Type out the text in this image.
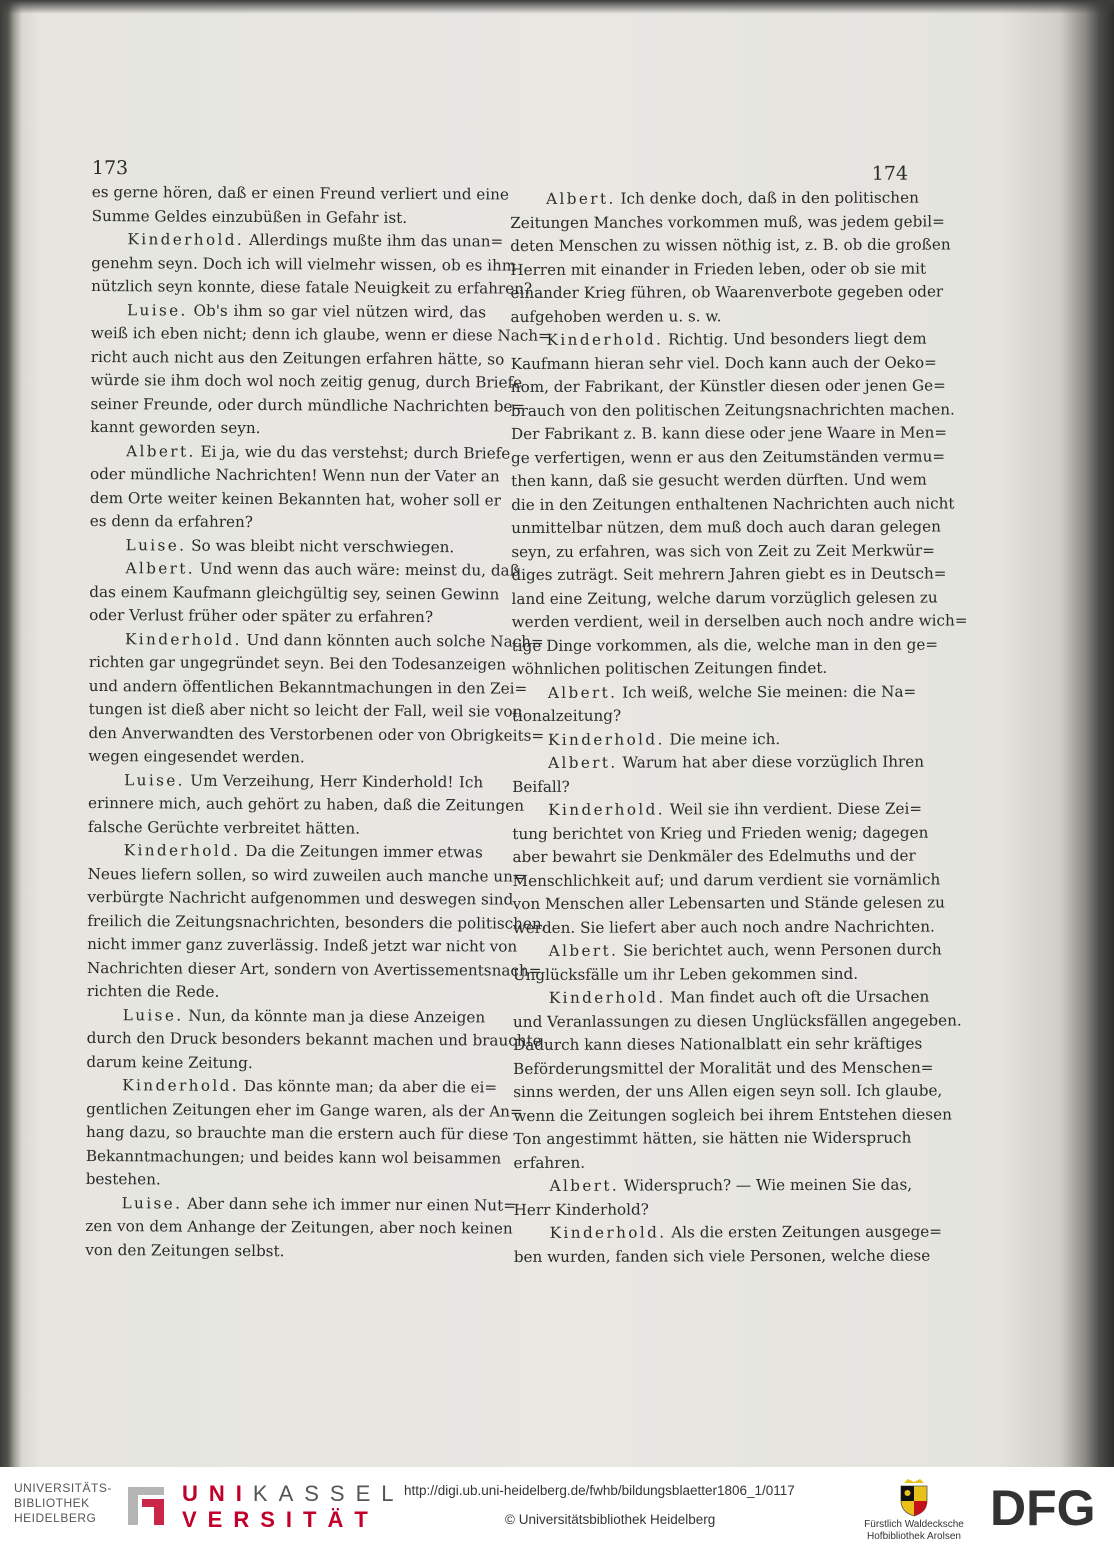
173
es gerne hören, daß er einen Freund verliert und eine
Summe Geldes einzubüßen in Gefahr ist.
Kinderhold. Allerdings mußte ihm das unan=
genehm seyn. Doch ich will vielmehr wissen, ob es ihm
nützlich seyn konnte, diese fatale Neuigkeit zu erfahren?
Luise. Ob's ihm so gar viel nützen wird, das
weiß ich eben nicht; denn ich glaube, wenn er diese Nach=
richt auch nicht aus den Zeitungen erfahren hätte, so
würde sie ihm doch wol noch zeitig genug, durch Briefe
seiner Freunde, oder durch mündliche Nachrichten be=
kannt geworden seyn.
Albert. Ei ja, wie du das verstehst; durch Briefe
oder mündliche Nachrichten! Wenn nun der Vater an
dem Orte weiter keinen Bekannten hat, woher soll er
es denn da erfahren?
Luise. So was bleibt nicht verschwiegen.
Albert. Und wenn das auch wäre: meinst du, daß
das einem Kaufmann gleichgültig sey, seinen Gewinn
oder Verlust früher oder später zu erfahren?
Kinderhold. Und dann könnten auch solche Nach=
richten gar ungegründet seyn. Bei den Todesanzeigen
und andern öffentlichen Bekanntmachungen in den Zei=
tungen ist dieß aber nicht so leicht der Fall, weil sie von
den Anverwandten des Verstorbenen oder von Obrigkeits=
wegen eingesendet werden.
Luise. Um Verzeihung, Herr Kinderhold! Ich
erinnere mich, auch gehört zu haben, daß die Zeitungen
falsche Gerüchte verbreitet hätten.
Kinderhold. Da die Zeitungen immer etwas
Neues liefern sollen, so wird zuweilen auch manche un=
verbürgte Nachricht aufgenommen und deswegen sind
freilich die Zeitungsnachrichten, besonders die politischen,
nicht immer ganz zuverlässig. Indeß jetzt war nicht von
Nachrichten dieser Art, sondern von Avertissementsnach=
richten die Rede.
Luise. Nun, da könnte man ja diese Anzeigen
durch den Druck besonders bekannt machen und brauchte
darum keine Zeitung.
Kinderhold. Das könnte man; da aber die ei=
gentlichen Zeitungen eher im Gange waren, als der An=
hang dazu, so brauchte man die erstern auch für diese
Bekanntmachungen; und beides kann wol beisammen
bestehen.
Luise. Aber dann sehe ich immer nur einen Nut=
zen von dem Anhange der Zeitungen, aber noch keinen
von den Zeitungen selbst.
174
Albert. Ich denke doch, daß in den politischen
Zeitungen Manches vorkommen muß, was jedem gebil=
deten Menschen zu wissen nöthig ist, z. B. ob die großen
Herren mit einander in Frieden leben, oder ob sie mit
einander Krieg führen, ob Waarenverbote gegeben oder
aufgehoben werden u. s. w.
Kinderhold. Richtig. Und besonders liegt dem
Kaufmann hieran sehr viel. Doch kann auch der Oeko=
nom, der Fabrikant, der Künstler diesen oder jenen Ge=
brauch von den politischen Zeitungsnachrichten machen.
Der Fabrikant z. B. kann diese oder jene Waare in Men=
ge verfertigen, wenn er aus den Zeitumständen vermu=
then kann, daß sie gesucht werden dürften. Und wem
die in den Zeitungen enthaltenen Nachrichten auch nicht
unmittelbar nützen, dem muß doch auch daran gelegen
seyn, zu erfahren, was sich von Zeit zu Zeit Merkwür=
diges zuträgt. Seit mehrern Jahren giebt es in Deutsch=
land eine Zeitung, welche darum vorzüglich gelesen zu
werden verdient, weil in derselben auch noch andre wich=
tige Dinge vorkommen, als die, welche man in den ge=
wöhnlichen politischen Zeitungen findet.
Albert. Ich weiß, welche Sie meinen: die Na=
tionalzeitung?
Kinderhold. Die meine ich.
Albert. Warum hat aber diese vorzüglich Ihren
Beifall?
Kinderhold. Weil sie ihn verdient. Diese Zei=
tung berichtet von Krieg und Frieden wenig; dagegen
aber bewahrt sie Denkmäler des Edelmuths und der
Menschlichkeit auf; und darum verdient sie vornämlich
von Menschen aller Lebensarten und Stände gelesen zu
werden. Sie liefert aber auch noch andre Nachrichten.
Albert. Sie berichtet auch, wenn Personen durch
Unglücksfälle um ihr Leben gekommen sind.
Kinderhold. Man findet auch oft die Ursachen
und Veranlassungen zu diesen Unglücksfällen angegeben.
Dadurch kann dieses Nationalblatt ein sehr kräftiges
Beförderungsmittel der Moralität und des Menschen=
sinns werden, der uns Allen eigen seyn soll. Ich glaube,
wenn die Zeitungen sogleich bei ihrem Entstehen diesen
Ton angestimmt hätten, sie hätten nie Widerspruch
erfahren.
Albert. Widerspruch? — Wie meinen Sie das,
Herr Kinderhold?
Kinderhold. Als die ersten Zeitungen ausgege=
ben wurden, fanden sich viele Personen, welche diese
UNIVERSITÄTS-
BIBLIOTHEK
HEIDELBERG
UNIKASSEL
VERSITÄT
http://digi.ub.uni-heidelberg.de/fwhb/bildungsblaetter1806_1/0117
© Universitätsbibliothek Heidelberg	Fürstlich Waldecksche
Hofbibliothek Arolsen
DFG
